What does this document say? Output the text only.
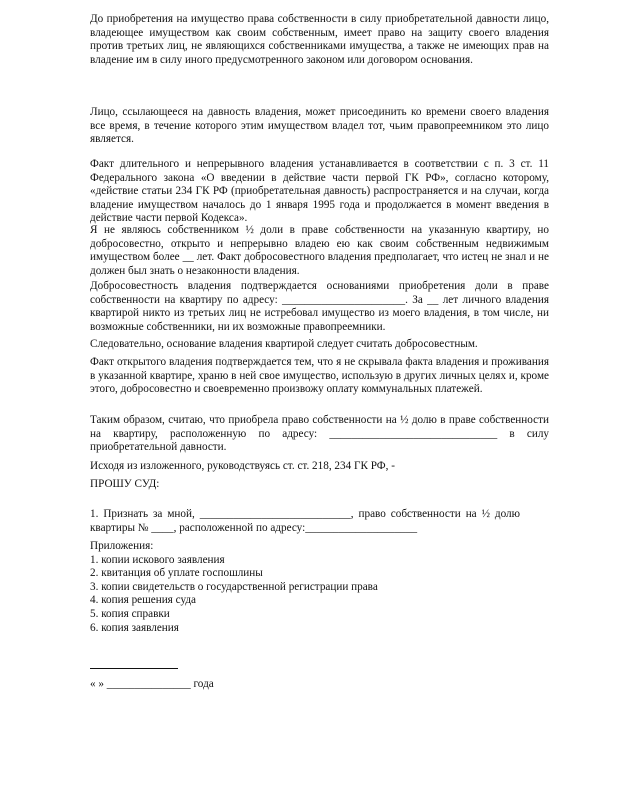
До приобретения на имущество права собственности в силу приобретательной давности лицо, владеющее имуществом как своим собственным, имеет право на защиту своего владения против третьих лиц, не являющихся собственниками имущества, а также не имеющих прав на владение им в силу иного предусмотренного законом или договором основания.

Лицо, ссылающееся на давность владения, может присоединить ко времени своего владения все время, в течение которого этим имуществом владел тот, чьим правопреемником это лицо является.

Факт длительного и непрерывного владения устанавливается в соответствии с п. 3 ст. 11 Федерального закона «О введении в действие части первой ГК РФ», согласно которому, «действие статьи 234 ГК РФ (приобретательная давность) распространяется и на случаи, когда владение имуществом началось до 1 января 1995 года и продолжается в момент введения в действие части первой Кодекса».

Я не являюсь собственником ½ доли в праве собственности на указанную квартиру, но добросовестно, открыто и непрерывно владею ею как своим собственным недвижимым имуществом более __ лет. Факт добросовестного владения предполагает, что истец не знал и не должен был знать о незаконности владения.

Добросовестность владения подтверждается основаниями приобретения доли в праве собственности на квартиру по адресу: ______________________. За __ лет личного владения квартирой никто из третьих лиц не истребовал имущество из моего владения, в том числе, ни возможные собственники, ни их возможные правопреемники.

Следовательно, основание владения квартирой следует считать добросовестным.

Факт открытого владения подтверждается тем, что я не скрывала факта владения и проживания в указанной квартире, храню в ней свое имущество, использую в других личных целях и, кроме этого, добросовестно и своевременно произвожу оплату коммунальных платежей.

Таким образом, считаю, что приобрела право собственности на ½ долю в праве собственности на квартиру, расположенную по адресу: ______________________________ в силу приобретательной давности.

Исходя из изложенного, руководствуясь ст. ст. 218, 234 ГК РФ, -

ПРОШУ СУД:

1. Признать за мной, ___________________________, право собственности на ½ долю квартиры № ____, расположенной по адресу:____________________

Приложения:
1. копии искового заявления
2. квитанция об уплате госпошлины
3. копии свидетельств о государственной регистрации права
4. копия решения суда
5. копия справки
6. копия заявления
« » _______________ года
